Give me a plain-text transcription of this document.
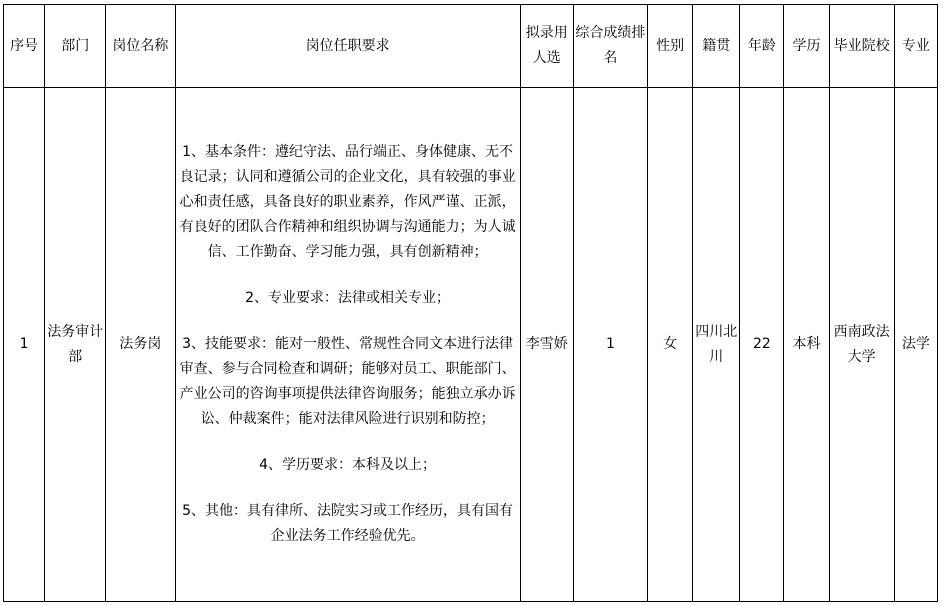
序号	部门	岗位名称	岗位任职要求	拟录用人选	综合成绩排名	性别	籍贯	年龄	学历	毕业院校	专业
1	法务审计部	法务岗	1、基本条件：遵纪守法、品行端正、身体健康、无不良记录；认同和遵循公司的企业文化，具有较强的事业心和责任感，具备良好的职业素养，作风严谨、正派，有良好的团队合作精神和组织协调与沟通能力；为人诚信、工作勤奋、学习能力强，具有创新精神；

2、专业要求：法律或相关专业；

3、技能要求：能对一般性、常规性合同文本进行法律审查、参与合同检查和调研；能够对员工、职能部门、产业公司的咨询事项提供法律咨询服务；能独立承办诉讼、仲裁案件；能对法律风险进行识别和防控；

4、学历要求：本科及以上；

5、其他：具有律所、法院实习或工作经历，具有国有企业法务工作经验优先。	李雪娇	1	女	四川北川	22	本科	西南政法大学	法学
